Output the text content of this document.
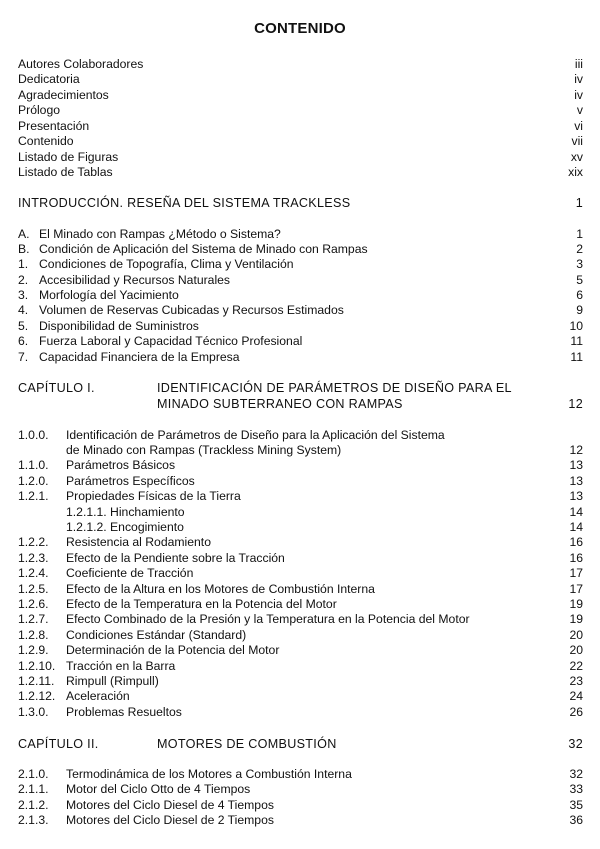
CONTENIDO
Autores Colaboradores	iii
Dedicatoria	iv
Agradecimientos	iv
Prólogo	v
Presentación	vi
Contenido	vii
Listado de Figuras	xv
Listado de Tablas	xix
INTRODUCCIÓN. RESEÑA DEL SISTEMA TRACKLESS	1
A. El Minado con Rampas ¿Método o Sistema?	1
B. Condición de Aplicación del Sistema de Minado con Rampas	2
1. Condiciones de Topografía, Clima y Ventilación	3
2. Accesibilidad y Recursos Naturales	5
3. Morfología del Yacimiento	6
4. Volumen de Reservas Cubicadas y Recursos Estimados	9
5. Disponibilidad de Suministros	10
6. Fuerza Laboral y Capacidad Técnico Profesional	11
7. Capacidad Financiera de la Empresa	11
CAPÍTULO I.	IDENTIFICACIÓN DE PARÁMETROS DE DISEÑO PARA EL
MINADO SUBTERRANEO CON RAMPAS	12
1.0.0. Identificación de Parámetros de Diseño para la Aplicación del Sistema
de Minado con Rampas (Trackless Mining System)	12
1.1.0. Parámetros Básicos	13
1.2.0. Parámetros Específicos	13
1.2.1. Propiedades Físicas de la Tierra	13
1.2.1.1. Hinchamiento	14
1.2.1.2. Encogimiento	14
1.2.2. Resistencia al Rodamiento	16
1.2.3. Efecto de la Pendiente sobre la Tracción	16
1.2.4. Coeficiente de Tracción	17
1.2.5. Efecto de la Altura en los Motores de Combustión Interna	17
1.2.6. Efecto de la Temperatura en la Potencia del Motor	19
1.2.7. Efecto Combinado de la Presión y la Temperatura en la Potencia del Motor	19
1.2.8. Condiciones Estándar (Standard)	20
1.2.9. Determinación de la Potencia del Motor	20
1.2.10. Tracción en la Barra	22
1.2.11. Rimpull (Rimpull)	23
1.2.12. Aceleración	24
1.3.0. Problemas Resueltos	26
CAPÍTULO II.	MOTORES DE COMBUSTIÓN	32
2.1.0. Termodinámica de los Motores a Combustión Interna	32
2.1.1. Motor del Ciclo Otto de 4 Tiempos	33
2.1.2. Motores del Ciclo Diesel de 4 Tiempos	35
2.1.3. Motores del Ciclo Diesel de 2 Tiempos	36
